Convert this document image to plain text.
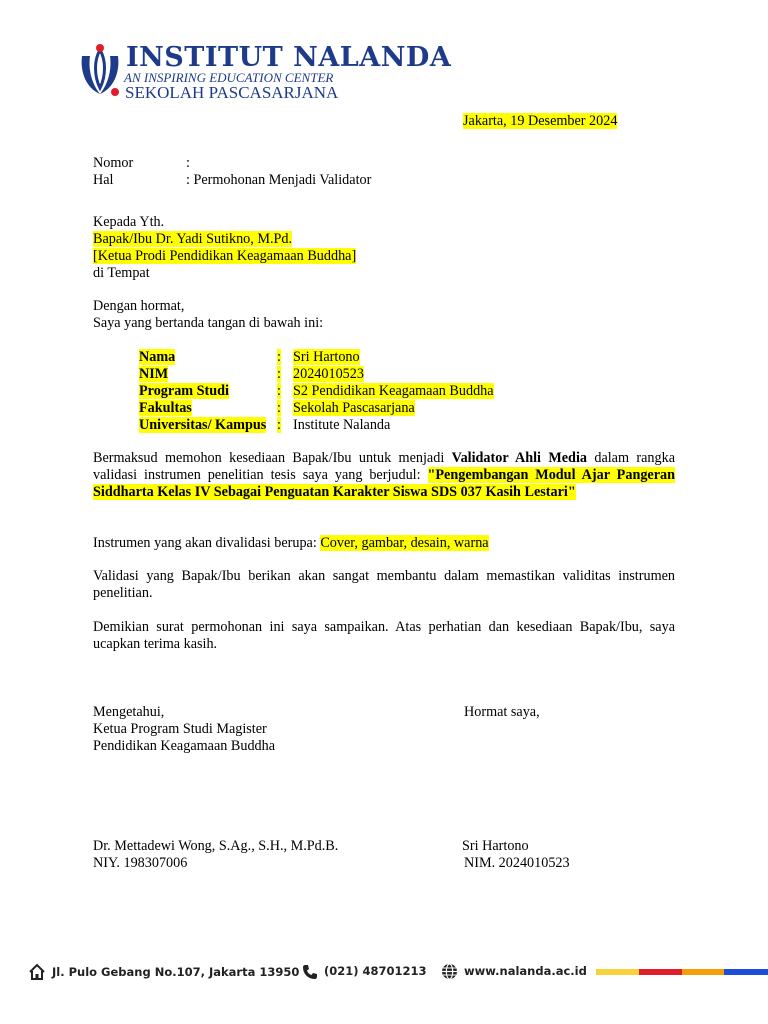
INSTITUT NALANDA
AN INSPIRING EDUCATION CENTER
SEKOLAH PASCASARJANA
Jakarta, 19 Desember 2024
Nomor	:
Hal	: Permohonan Menjadi Validator
Kepada Yth.
Bapak/Ibu Dr. Yadi Sutikno, M.Pd.
[Ketua Prodi Pendidikan Keagamaan Buddha]
di Tempat
Dengan hormat,
Saya yang bertanda tangan di bawah ini:
Nama	:	Sri Hartono
NIM	:	2024010523
Program Studi	:	S2 Pendidikan Keagamaan Buddha
Fakultas	:	Sekolah Pascasarjana
Universitas/ Kampus	:	Institute Nalanda
Bermaksud memohon kesediaan Bapak/Ibu untuk menjadi Validator Ahli Media dalam rangka validasi instrumen penelitian tesis saya yang berjudul: "Pengembangan Modul Ajar Pangeran Siddharta Kelas IV Sebagai Penguatan Karakter Siswa SDS 037 Kasih Lestari"
Instrumen yang akan divalidasi berupa: Cover, gambar, desain, warna
Validasi yang Bapak/Ibu berikan akan sangat membantu dalam memastikan validitas instrumen penelitian.
Demikian surat permohonan ini saya sampaikan. Atas perhatian dan kesediaan Bapak/Ibu, saya ucapkan terima kasih.
Mengetahui,
Ketua Program Studi Magister
Pendidikan Keagamaan Buddha
Hormat saya,
Dr. Mettadewi Wong, S.Ag., S.H., M.Pd.B.
NIY. 198307006
Sri Hartono
NIM. 2024010523
Jl. Pulo Gebang No.107, Jakarta 13950 (021) 48701213	www.nalanda.ac.id
